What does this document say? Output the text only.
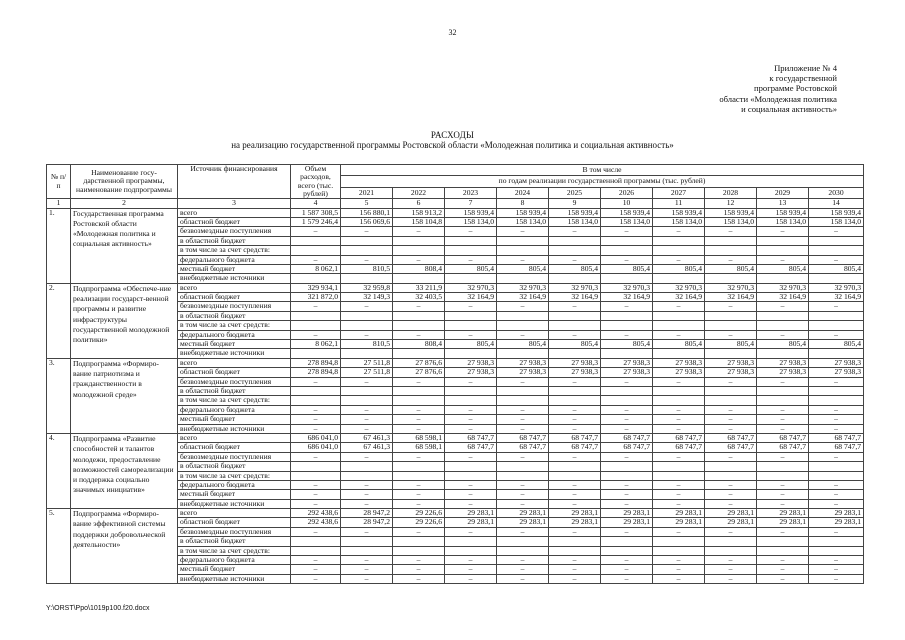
32
Приложение № 4
к государственной
программе Ростовской
области «Молодежная политика
и социальная активность»
РАСХОДЫ
на реализацию государственной программы Ростовской области «Молодежная политика и социальная активность»
№ п/п	Наименование госу-дарственной программы, наименование подпрограммы	Источник финансирования	Объем расходов, всего (тыс. рублей)	В том числе									
				по годам реализации государственной программы (тыс. рублей)									
				2021	2022	2023	2024	2025	2026	2027	2028	2029	2030
1	2	3	4	5	6	7	8	9	10	11	12	13	14
1.	Государственная программа Ростовской области «Молодежная политика и социальная активность»	всего	1 587 308,5	156 880,1	158 913,2	158 939,4	158 939,4	158 939,4	158 939,4	158 939,4	158 939,4	158 939,4	158 939,4
		областной бюджет	1 579 246,4	156 069,6	158 104,8	158 134,0	158 134,0	158 134,0	158 134,0	158 134,0	158 134,0	158 134,0	158 134,0
		безвозмездные поступления	–	–	–	–	–	–	–	–	–	–	–
		в областной бюджет											
		в том числе за счет средств:											
		федерального бюджета	–	–	–	–	–	–	–	–	–	–	–
		местный бюджет	8 062,1	810,5	808,4	805,4	805,4	805,4	805,4	805,4	805,4	805,4	805,4
		внебюджетные источники											
2.	Подпрограмма «Обеспече-ние реализации государст-венной программы и развитие инфраструктуры государственной молодежной политики»	всего	329 934,1	32 959,8	33 211,9	32 970,3	32 970,3	32 970,3	32 970,3	32 970,3	32 970,3	32 970,3	32 970,3
		областной бюджет	321 872,0	32 149,3	32 403,5	32 164,9	32 164,9	32 164,9	32 164,9	32 164,9	32 164,9	32 164,9	32 164,9
		безвозмездные поступления	–	–	–	–	–	–	–	–	–	–	–
		в областной бюджет											
		в том числе за счет средств:											
		федерального бюджета	–	–	–	–	–	–	–	–	–	–	–
		местный бюджет	8 062,1	810,5	808,4	805,4	805,4	805,4	805,4	805,4	805,4	805,4	805,4
		внебюджетные источники											
3.	Подпрограмма «Формиро-вание патриотизма и гражданственности в молодежной среде»	всего	278 894,8	27 511,8	27 876,6	27 938,3	27 938,3	27 938,3	27 938,3	27 938,3	27 938,3	27 938,3	27 938,3
		областной бюджет	278 894,8	27 511,8	27 876,6	27 938,3	27 938,3	27 938,3	27 938,3	27 938,3	27 938,3	27 938,3	27 938,3
		безвозмездные поступления	–	–	–	–	–	–	–	–	–	–	–
		в областной бюджет											
		в том числе за счет средств:											
		федерального бюджета	–	–	–	–	–	–	–	–	–	–	–
		местный бюджет	–	–	–	–	–	–	–	–	–	–	–
		внебюджетные источники	–	–	–	–	–	–	–	–	–	–	–
4.	Подпрограмма «Развитие способностей и талантов молодежи, предоставление возможностей самореализации и поддержка социально значимых инициатив»	всего	686 041,0	67 461,3	68 598,1	68 747,7	68 747,7	68 747,7	68 747,7	68 747,7	68 747,7	68 747,7	68 747,7
		областной бюджет	686 041,0	67 461,3	68 598,1	68 747,7	68 747,7	68 747,7	68 747,7	68 747,7	68 747,7	68 747,7	68 747,7
		безвозмездные поступления	–	–	–	–	–	–	–	–	–	–	–
		в областной бюджет											
		в том числе за счет средств:											
		федерального бюджета	–	–	–	–	–	–	–	–	–	–	–
		местный бюджет	–	–	–	–	–	–	–	–	–	–	–
		внебюджетные источники	–	–	–	–	–	–	–	–	–	–	–
5.	Подпрограмма «Формиро-вание эффективной системы поддержки добровольческой деятельности»	всего	292 438,6	28 947,2	29 226,6	29 283,1	29 283,1	29 283,1	29 283,1	29 283,1	29 283,1	29 283,1	29 283,1
		областной бюджет	292 438,6	28 947,2	29 226,6	29 283,1	29 283,1	29 283,1	29 283,1	29 283,1	29 283,1	29 283,1	29 283,1
		безвозмездные поступления	–	–	–	–	–	–	–	–	–	–	–
		в областной бюджет											
		в том числе за счет средств:											
		федерального бюджета	–	–	–	–	–	–	–	–	–	–	–
		местный бюджет	–	–	–	–	–	–	–	–	–	–	–
		внебюджетные источники	–	–	–	–	–	–	–	–	–	–	–
Y:\ORST\Ppo\1019p100.f20.docx
